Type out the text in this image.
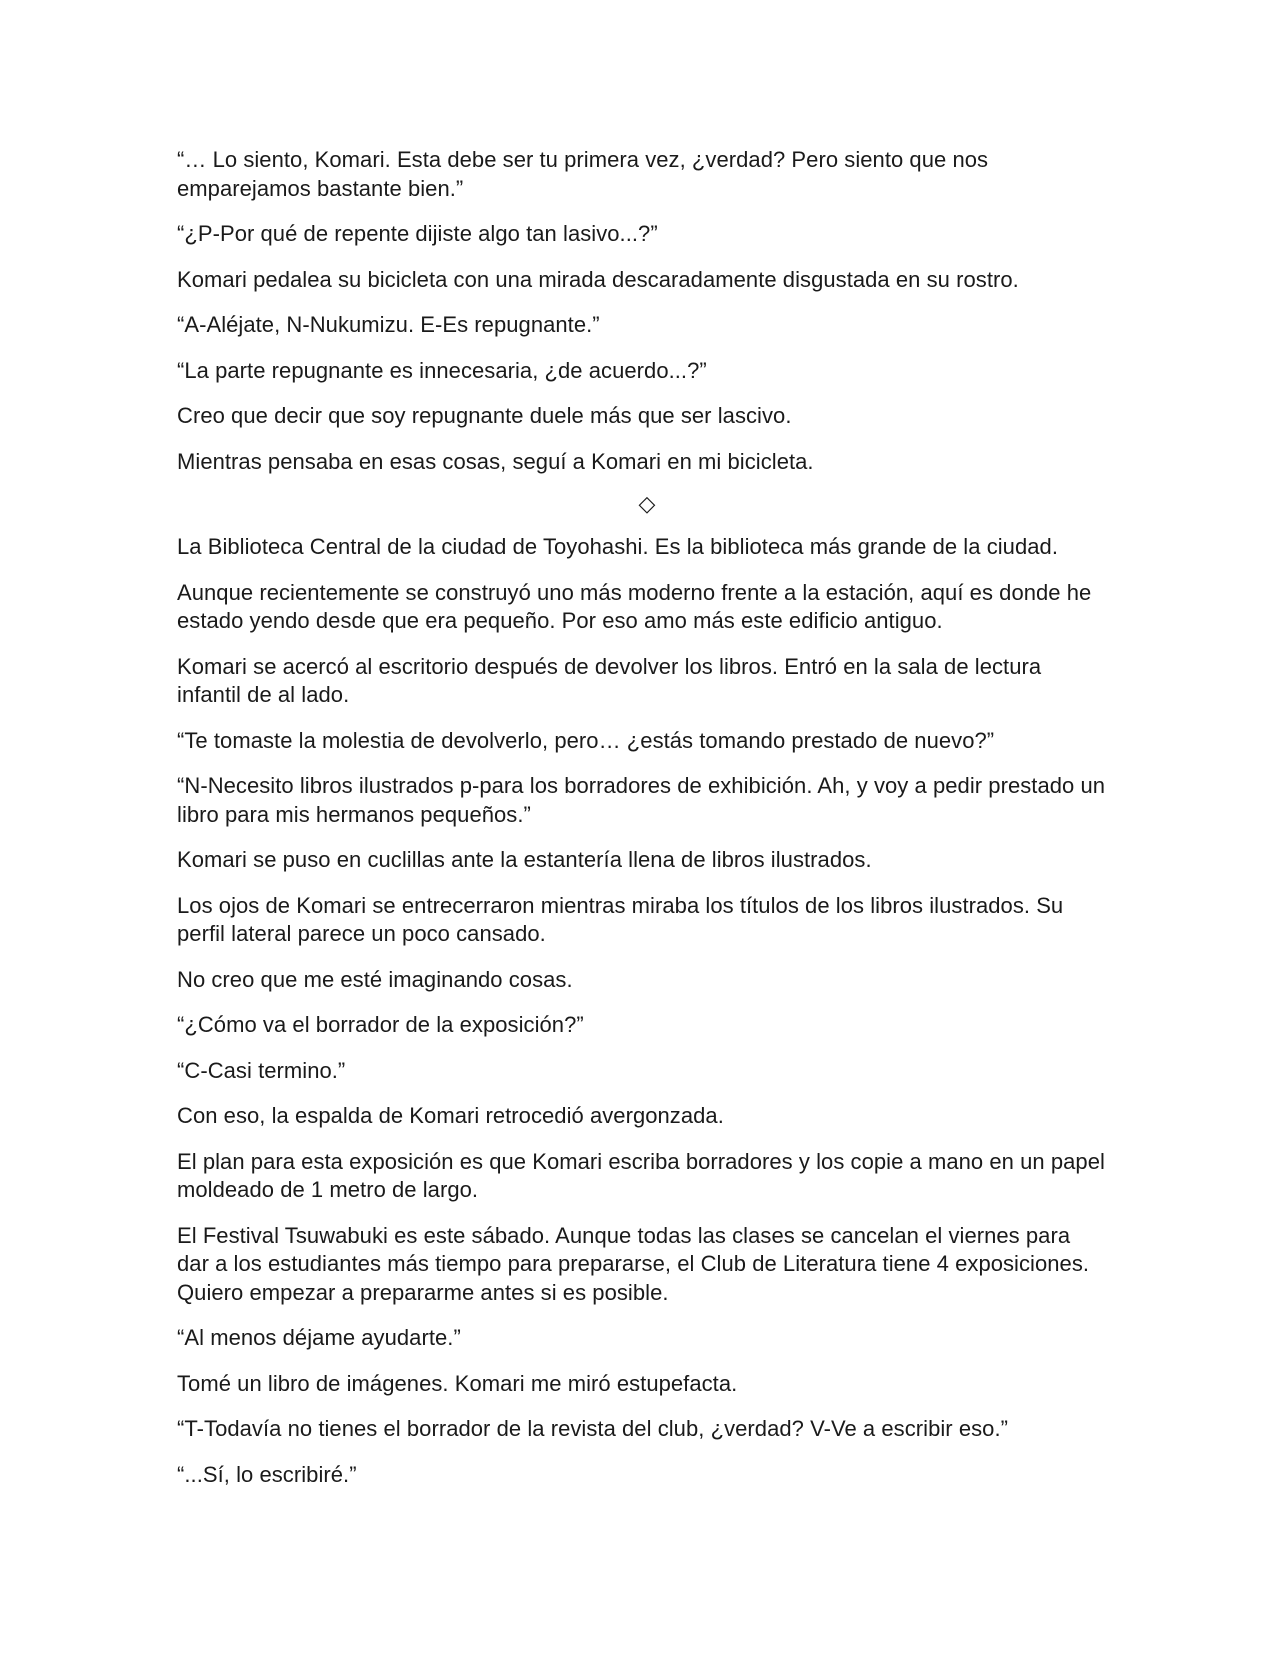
“… Lo siento, Komari. Esta debe ser tu primera vez, ¿verdad? Pero siento que nos emparejamos bastante bien.”

“¿P-Por qué de repente dijiste algo tan lasivo...?”

Komari pedalea su bicicleta con una mirada descaradamente disgustada en su rostro.

“A-Aléjate, N-Nukumizu. E-Es repugnante.”

“La parte repugnante es innecesaria, ¿de acuerdo...?”

Creo que decir que soy repugnante duele más que ser lascivo.

Mientras pensaba en esas cosas, seguí a Komari en mi bicicleta.

◇

La Biblioteca Central de la ciudad de Toyohashi. Es la biblioteca más grande de la ciudad.

Aunque recientemente se construyó uno más moderno frente a la estación, aquí es donde he estado yendo desde que era pequeño. Por eso amo más este edificio antiguo.

Komari se acercó al escritorio después de devolver los libros. Entró en la sala de lectura infantil de al lado.

“Te tomaste la molestia de devolverlo, pero… ¿estás tomando prestado de nuevo?”

“N-Necesito libros ilustrados p-para los borradores de exhibición. Ah, y voy a pedir prestado un libro para mis hermanos pequeños.”

Komari se puso en cuclillas ante la estantería llena de libros ilustrados.

Los ojos de Komari se entrecerraron mientras miraba los títulos de los libros ilustrados. Su perfil lateral parece un poco cansado.

No creo que me esté imaginando cosas.

“¿Cómo va el borrador de la exposición?”

“C-Casi termino.”

Con eso, la espalda de Komari retrocedió avergonzada.

El plan para esta exposición es que Komari escriba borradores y los copie a mano en un papel moldeado de 1 metro de largo.

El Festival Tsuwabuki es este sábado. Aunque todas las clases se cancelan el viernes para dar a los estudiantes más tiempo para prepararse, el Club de Literatura tiene 4 exposiciones. Quiero empezar a prepararme antes si es posible.

“Al menos déjame ayudarte.”

Tomé un libro de imágenes. Komari me miró estupefacta.

“T-Todavía no tienes el borrador de la revista del club, ¿verdad? V-Ve a escribir eso.”

“...Sí, lo escribiré.”
